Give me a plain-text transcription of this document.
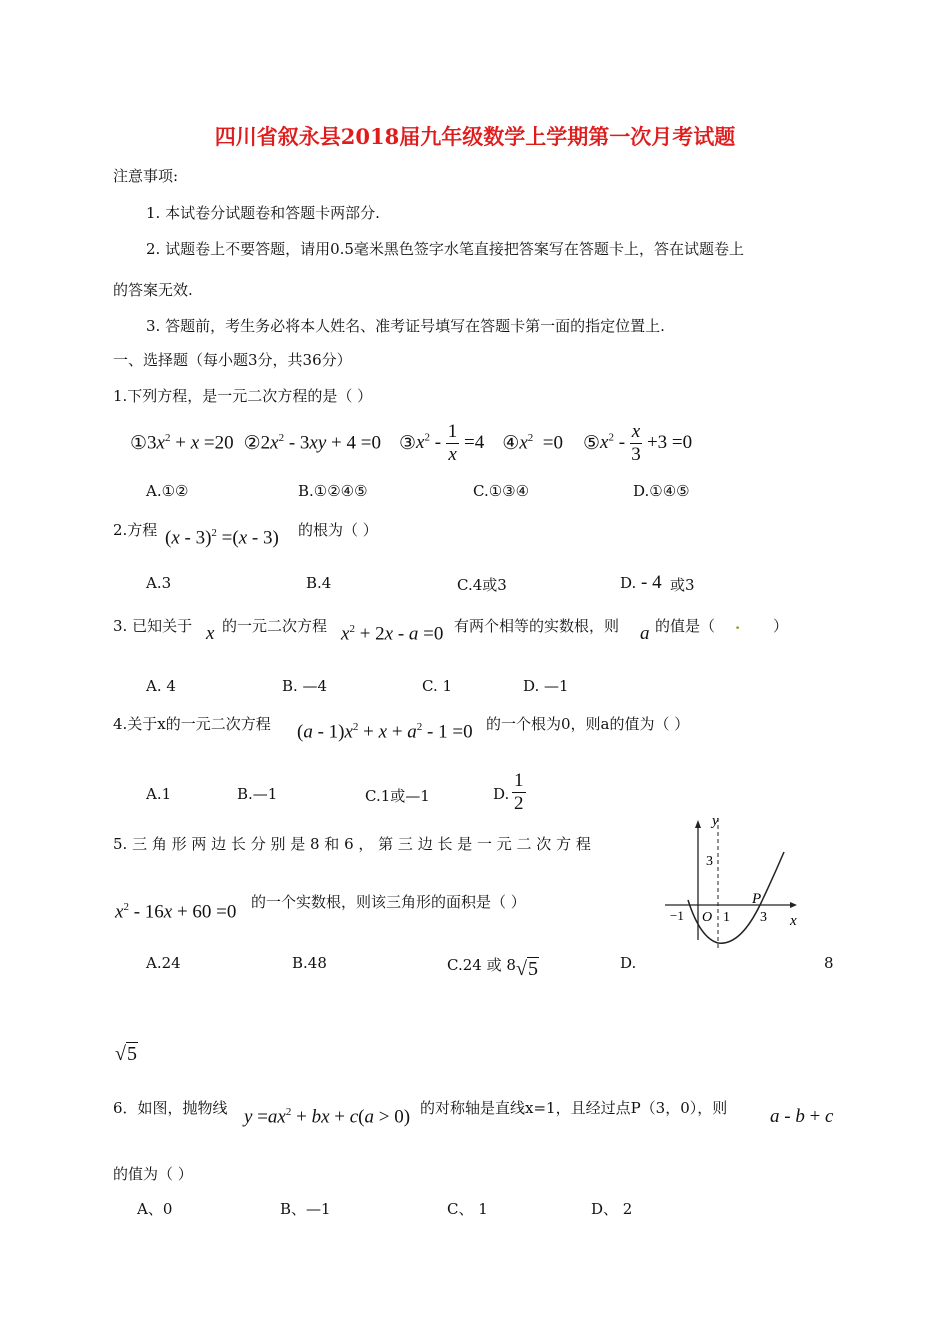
四川省叙永县2018届九年级数学上学期第一次月考试题
注意事项:
1. 本试卷分试题卷和答题卡两部分.
2. 试题卷上不要答题，请用0.5毫米黑色签字水笔直接把答案写在答题卡上，答在试题卷上
的答案无效.
3. 答题前，考生务必将本人姓名、准考证号填写在答题卡第一面的指定位置上.
一、选择题（每小题3分，共36分）
1.下列方程，是一元二次方程的是（ ）
① $3x^2 + x =20$ ② $2x^2 - 3xy + 4 =0$ ③ $x^2 - \frac{1}{x} =4$ ④ $x^2 =0$ ⑤ $x^2 - \frac{x}{3} +3 =0$
A.①②	B.①②④⑤	C.①③④	D.①④⑤
2.方程 (x - 3)$^2$ =(x - 3) 的根为（ ）
A.3	B.4	C.4或3	D. - 4 或3
3. 已知关于 x 的一元二次方程 $x^2 + 2x - a =0$ 有两个相等的实数根，则 a 的值是（ . ）
A. 4	B. —4	C. 1	D. —1
4.关于x的一元二次方程 $(a - 1)x^2 + x + a^2 - 1 =0$ 的一个根为0，则a的值为（ ）
A.1	B.—1	C.1或—1	D. $\frac{1}{2}$
5. 三 角 形 两 边 长 分 别 是 8 和 6 ， 第 三 边 长 是 一 元 二 次 方 程
$x^2 - 16x + 60 =0$ 的一个实数根，则该三角形的面积是（ ）
A.24	B.48	C.24 或 8 √5	D.	8
√5
y
x
3
−1 O 1 3
P
6．如图，抛物线 $y =ax^2$ + bx + c(a > 0) 的对称轴是直线x=1，且经过点P（3，0），则 a - b + c
的值为（ ）
A、0	B、—1	C、 1	D、 2
